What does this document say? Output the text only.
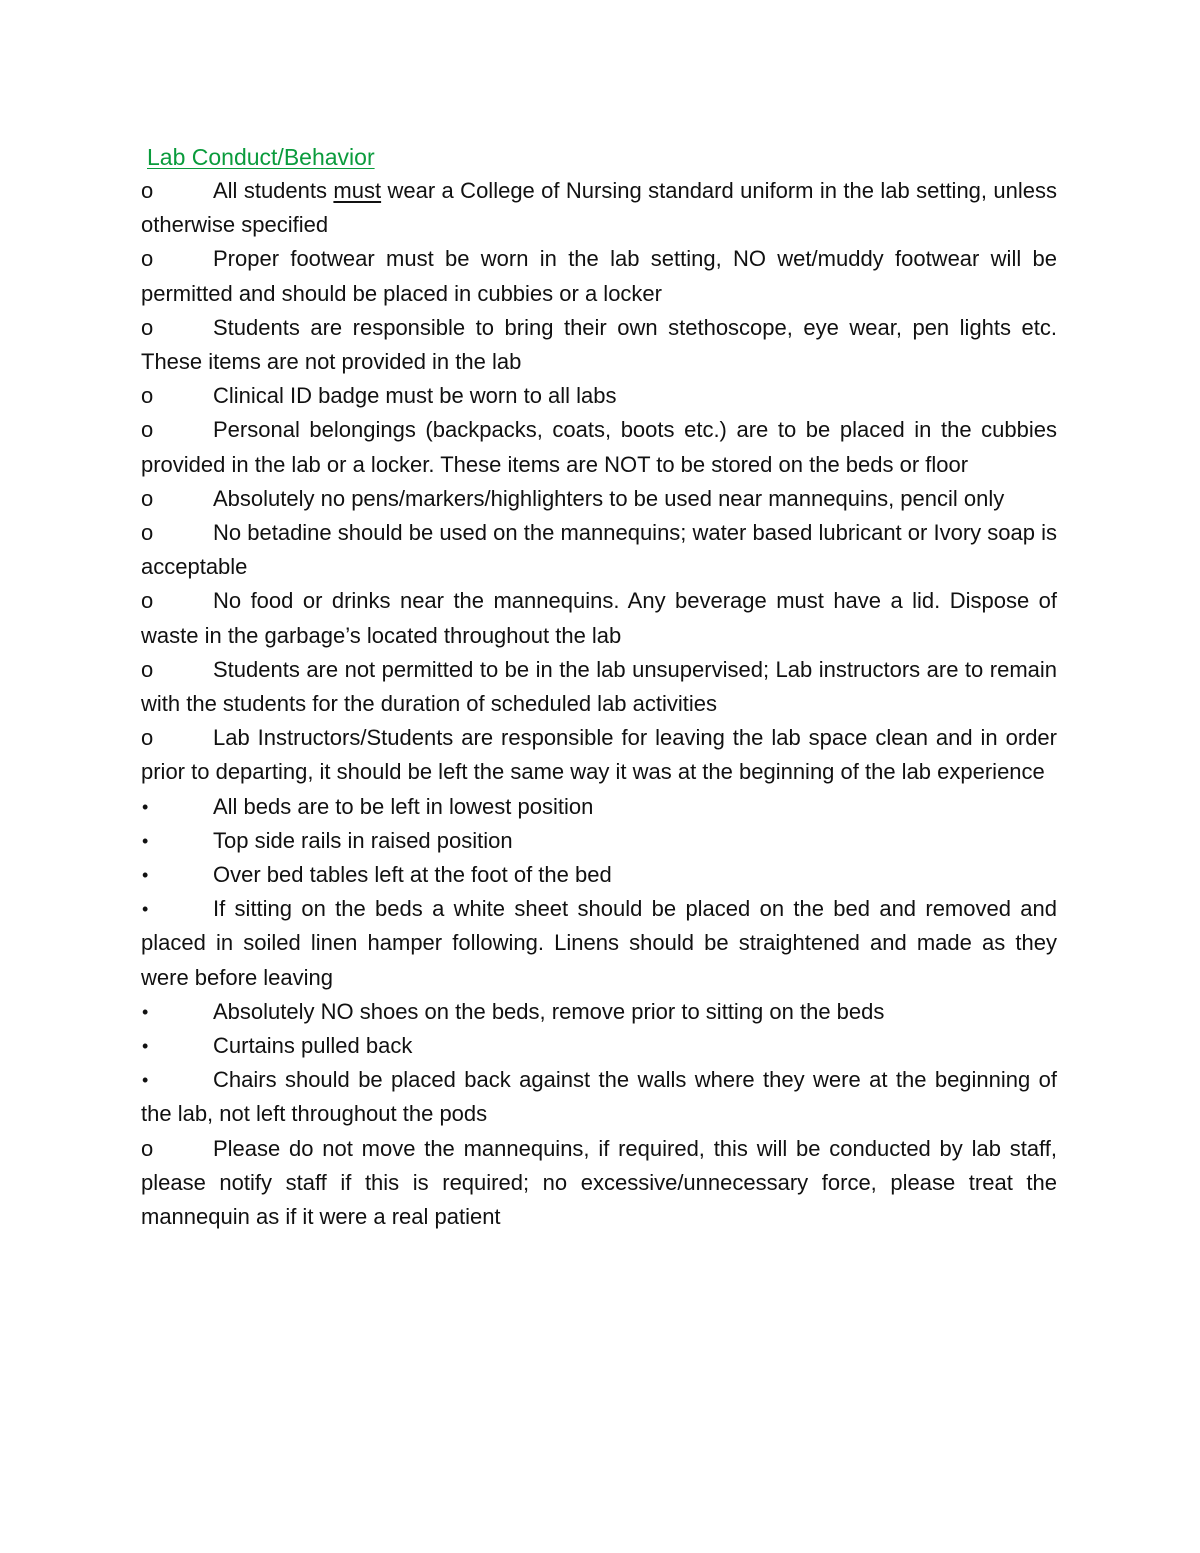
Lab Conduct/Behavior
o	All students must wear a College of Nursing standard uniform in the lab setting, unless otherwise specified
o	Proper footwear must be worn in the lab setting, NO wet/muddy footwear will be permitted and should be placed in cubbies or a locker
o	Students are responsible to bring their own stethoscope, eye wear, pen lights etc. These items are not provided in the lab
o	Clinical ID badge must be worn to all labs
o	Personal belongings (backpacks, coats, boots etc.) are to be placed in the cubbies provided in the lab or a locker. These items are NOT to be stored on the beds or floor
o	Absolutely no pens/markers/highlighters to be used near mannequins, pencil only
o	No betadine should be used on the mannequins; water based lubricant or Ivory soap is acceptable
o	No food or drinks near the mannequins. Any beverage must have a lid. Dispose of waste in the garbage’s located throughout the lab
o	Students are not permitted to be in the lab unsupervised; Lab instructors are to remain with the students for the duration of scheduled lab activities
o	Lab Instructors/Students are responsible for leaving the lab space clean and in order prior to departing, it should be left the same way it was at the beginning of the lab experience
•	All beds are to be left in lowest position
•	Top side rails in raised position
•	Over bed tables left at the foot of the bed
•	If sitting on the beds a white sheet should be placed on the bed and removed and placed in soiled linen hamper following. Linens should be straightened and made as they were before leaving
•	Absolutely NO shoes on the beds, remove prior to sitting on the beds
•	Curtains pulled back
•	Chairs should be placed back against the walls where they were at the beginning of the lab, not left throughout the pods
o	Please do not move the mannequins, if required, this will be conducted by lab staff, please notify staff if this is required; no excessive/unnecessary force, please treat the mannequin as if it were a real patient
